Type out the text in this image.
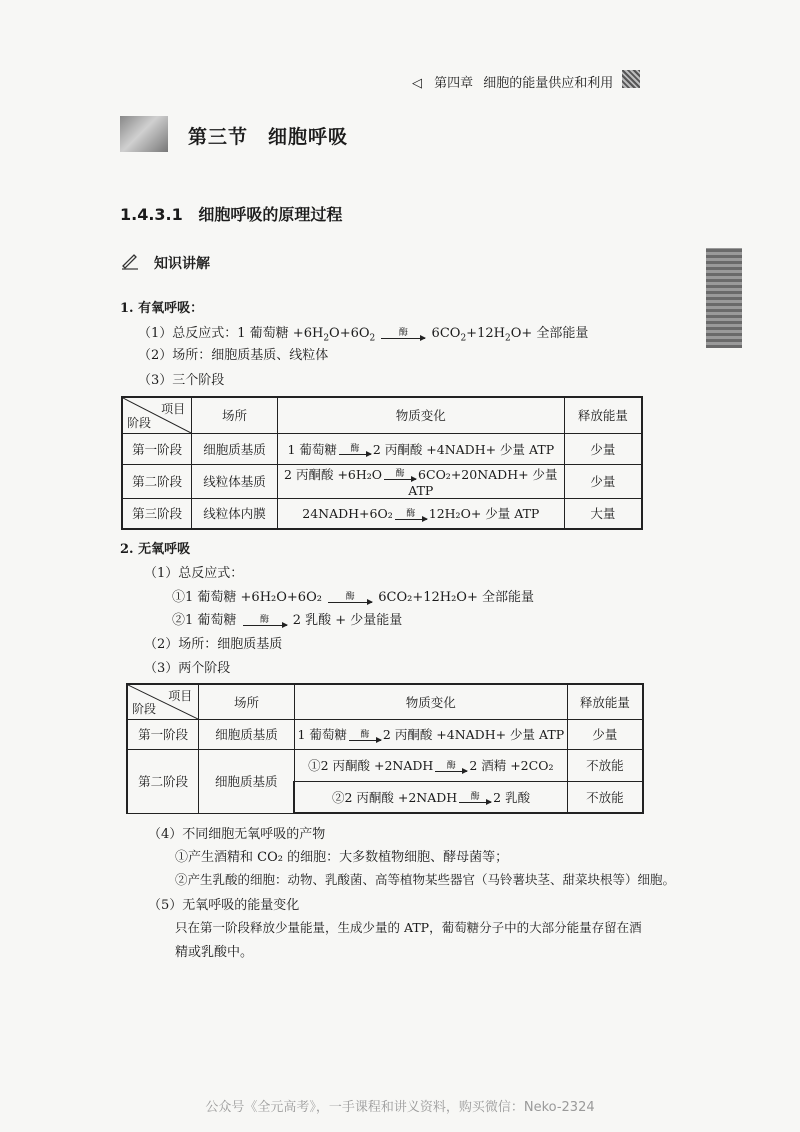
◁ 第四章 细胞的能量供应和利用
第三节　细胞呼吸
1.4.3.1 细胞呼吸的原理过程
知识讲解
1. 有氧呼吸：
（1）总反应式：1 葡萄糖 $+6H_2O+6O_2$
酶 $6CO_2+12H_2O+$ 全部能量
（2）场所：细胞质基质、线粒体
（3）三个阶段
项目
阶段	场所	物质变化	释放能量
第一阶段	细胞质基质	1 葡萄糖 酶 2 丙酮酸 +4NADH+ 少量 ATP	少量
第二阶段	线粒体基质	2 丙酮酸 +6H₂O 酶 6CO₂+20NADH+ 少量 ATP	少量
第三阶段	线粒体内膜	24NADH+6O₂ 酶 12H₂O+ 少量 ATP	大量
2. 无氧呼吸
（1）总反应式：
①1 葡萄糖 +6H₂O+6O₂	酶 6CO₂+12H₂O+ 全部能量
②1 葡萄糖	酶 2 乳酸 + 少量能量
（2）场所：细胞质基质
（3）两个阶段
项目
阶段	场所	物质变化	释放能量
第一阶段	细胞质基质	1 葡萄糖 酶 2 丙酮酸 +4NADH+ 少量 ATP	少量
第二阶段	细胞质基质	①2 丙酮酸 +2NADH 酶 2 酒精 +2CO₂	不放能
		②2 丙酮酸 +2NADH 酶 2 乳酸	不放能
（4）不同细胞无氧呼吸的产物
①产生酒精和 CO₂ 的细胞：大多数植物细胞、酵母菌等；
②产生乳酸的细胞：动物、乳酸菌、高等植物某些器官（马铃薯块茎、甜菜块根等）细胞。
（5）无氧呼吸的能量变化
只在第一阶段释放少量能量，生成少量的 ATP，葡萄糖分子中的大部分能量存留在酒
精或乳酸中。
公众号《全元高考》，一手课程和讲义资料，购买微信：Neko-2324
